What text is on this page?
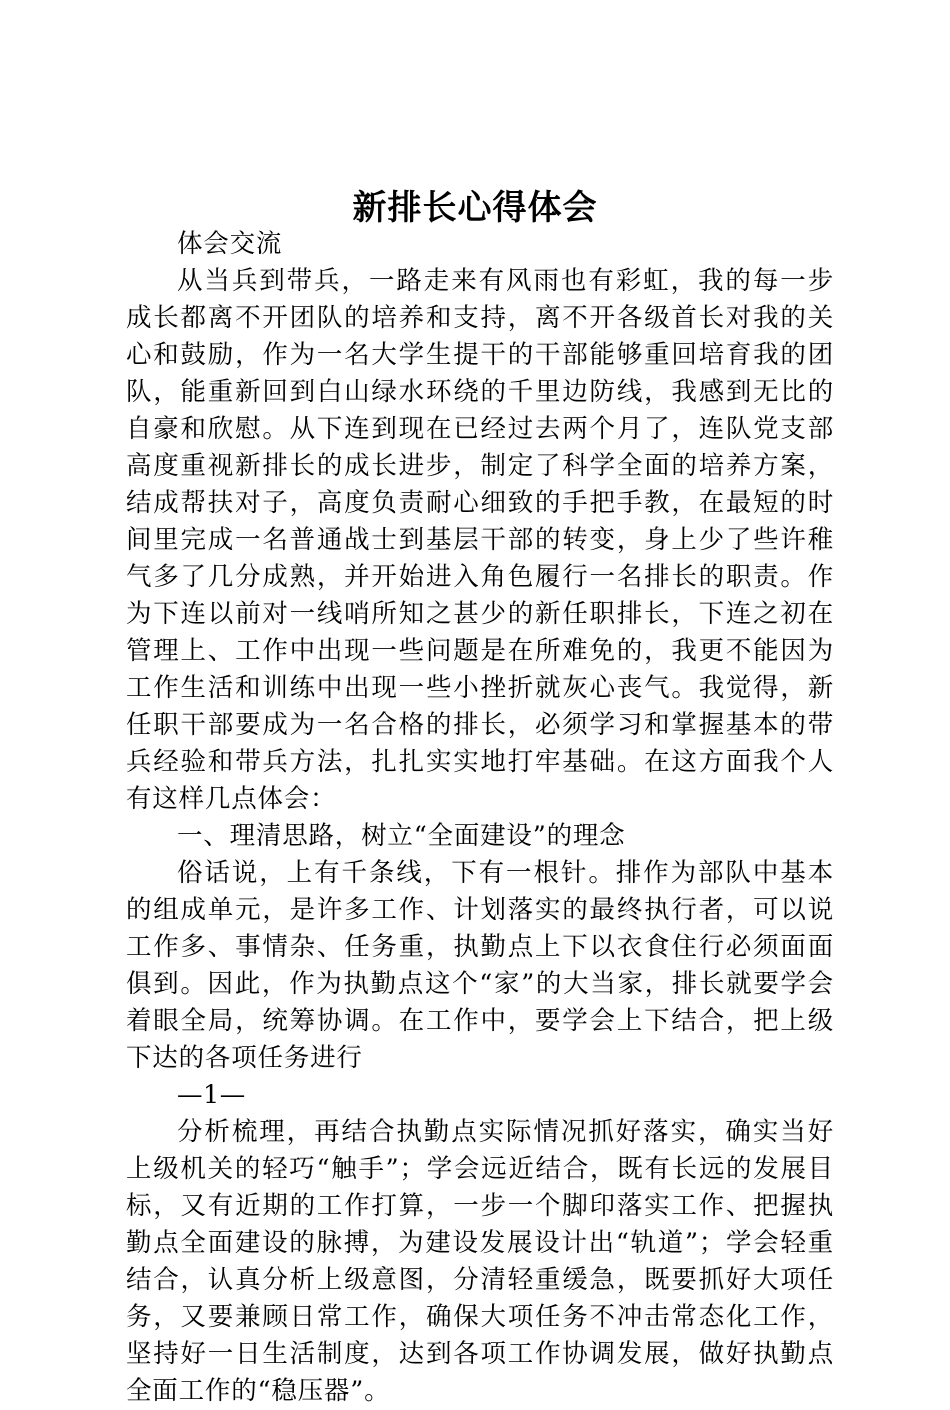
新排长心得体会

体会交流

从当兵到带兵，一路走来有风雨也有彩虹，我的每一步成长都离不开团队的培养和支持，离不开各级首长对我的关心和鼓励，作为一名大学生提干的干部能够重回培育我的团队，能重新回到白山绿水环绕的千里边防线，我感到无比的自豪和欣慰。从下连到现在已经过去两个月了，连队党支部高度重视新排长的成长进步，制定了科学全面的培养方案，结成帮扶对子，高度负责耐心细致的手把手教，在最短的时间里完成一名普通战士到基层干部的转变，身上少了些许稚气多了几分成熟，并开始进入角色履行一名排长的职责。作为下连以前对一线哨所知之甚少的新任职排长，下连之初在管理上、工作中出现一些问题是在所难免的，我更不能因为工作生活和训练中出现一些小挫折就灰心丧气。我觉得，新任职干部要成为一名合格的排长，必须学习和掌握基本的带兵经验和带兵方法，扎扎实实地打牢基础。在这方面我个人有这样几点体会：

一、理清思路，树立“全面建设”的理念

俗话说，上有千条线，下有一根针。排作为部队中基本的组成单元，是许多工作、计划落实的最终执行者，可以说工作多、事情杂、任务重，执勤点上下以衣食住行必须面面俱到。因此，作为执勤点这个“家”的大当家，排长就要学会着眼全局，统筹协调。在工作中，要学会上下结合，把上级下达的各项任务进行

—1—

分析梳理，再结合执勤点实际情况抓好落实，确实当好上级机关的轻巧“触手”；学会远近结合，既有长远的发展目标，又有近期的工作打算，一步一个脚印落实工作、把握执勤点全面建设的脉搏，为建设发展设计出“轨道”；学会轻重结合，认真分析上级意图，分清轻重缓急，既要抓好大项任务，又要兼顾日常工作，确保大项任务不冲击常态化工作，坚持好一日生活制度，达到各项工作协调发展，做好执勤点全面工作的“稳压器”。
